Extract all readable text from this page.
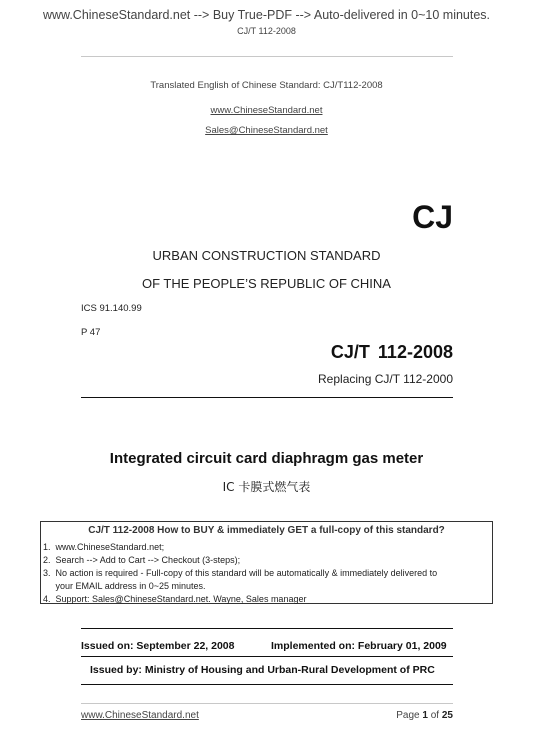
www.ChineseStandard.net --> Buy True-PDF --> Auto-delivered in 0~10 minutes.
CJ/T 112-2008
Translated English of Chinese Standard: CJ/T112-2008
www.ChineseStandard.net
Sales@ChineseStandard.net
CJ
URBAN CONSTRUCTION STANDARD
OF THE PEOPLE’S REPUBLIC OF CHINA
ICS 91.140.99
P 47
CJ/T 112-2008
Replacing CJ/T 112-2000
Integrated circuit card diaphragm gas meter
IC 卡膜式燃气表
CJ/T 112-2008 How to BUY & immediately GET a full-copy of this standard?
1. www.ChineseStandard.net;
2. Search --> Add to Cart --> Checkout (3-steps);
3. No action is required - Full-copy of this standard will be automatically & immediately delivered to
your EMAIL address in 0~25 minutes.
4. Support: Sales@ChineseStandard.net. Wayne, Sales manager
Issued on: September 22, 2008	Implemented on: February 01, 2009
Issued by: Ministry of Housing and Urban-Rural Development of PRC
www.ChineseStandard.net	Page 1 of 25
